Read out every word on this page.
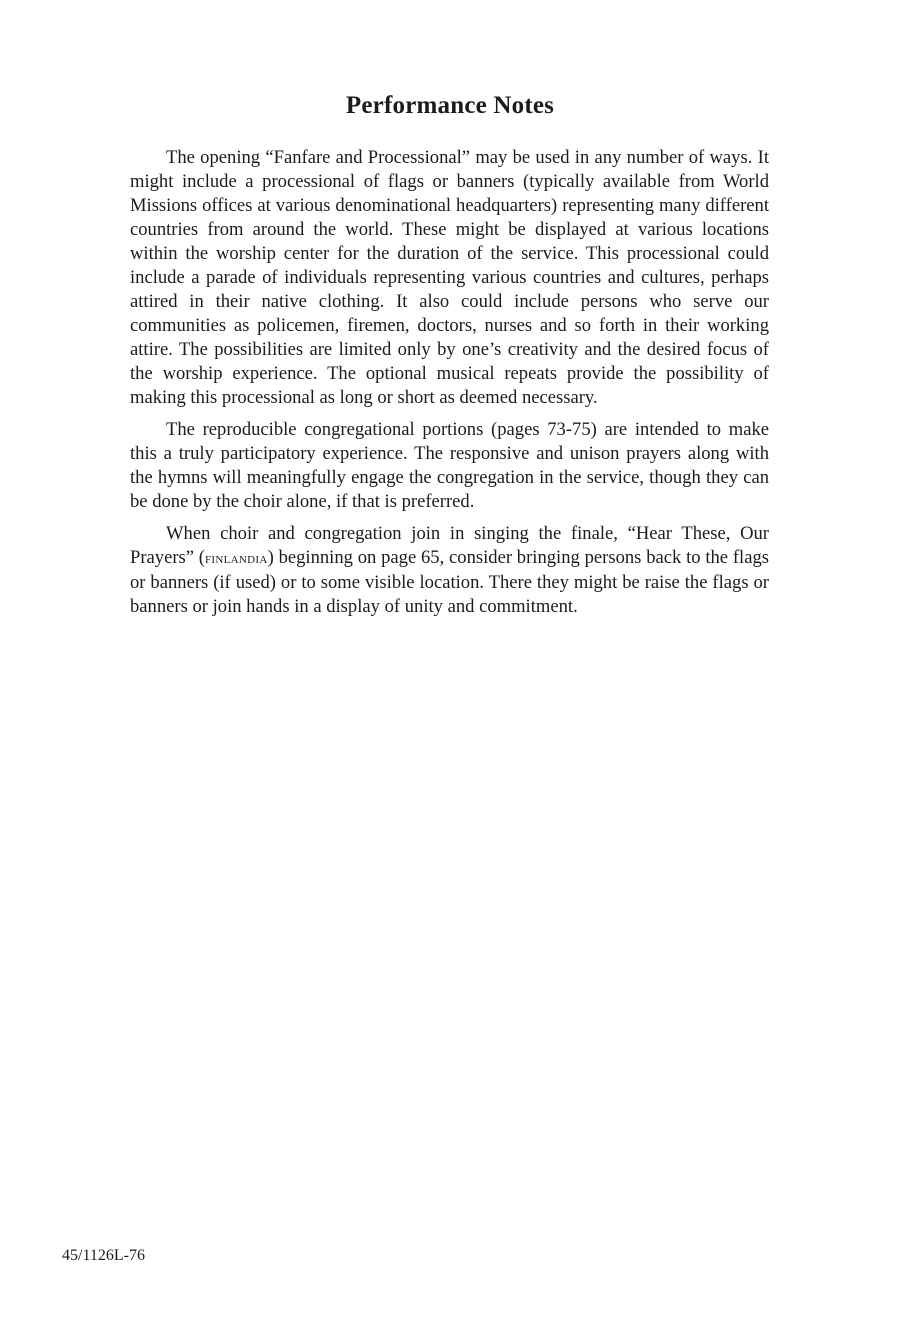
Performance Notes

The opening “Fanfare and Processional” may be used in any number of ways. It might include a processional of flags or banners (typically available from World Missions offices at various denominational headquarters) representing many different countries from around the world. These might be displayed at various locations within the worship center for the duration of the service. This processional could include a parade of individuals representing various countries and cultures, perhaps attired in their native clothing. It also could include persons who serve our communities as policemen, firemen, doctors, nurses and so forth in their working attire. The possibilities are limited only by one’s creativity and the desired focus of the worship experience. The optional musical repeats provide the possibility of making this processional as long or short as deemed necessary.

The reproducible congregational portions (pages 73-75) are intended to make this a truly participatory experience. The responsive and unison prayers along with the hymns will meaningfully engage the congregation in the service, though they can be done by the choir alone, if that is preferred.

When choir and congregation join in singing the finale, “Hear These, Our Prayers” (finlandia) beginning on page 65, consider bringing persons back to the flags or banners (if used) or to some visible location. There they might be raise the flags or banners or join hands in a display of unity and commitment.

45/1126L-76
